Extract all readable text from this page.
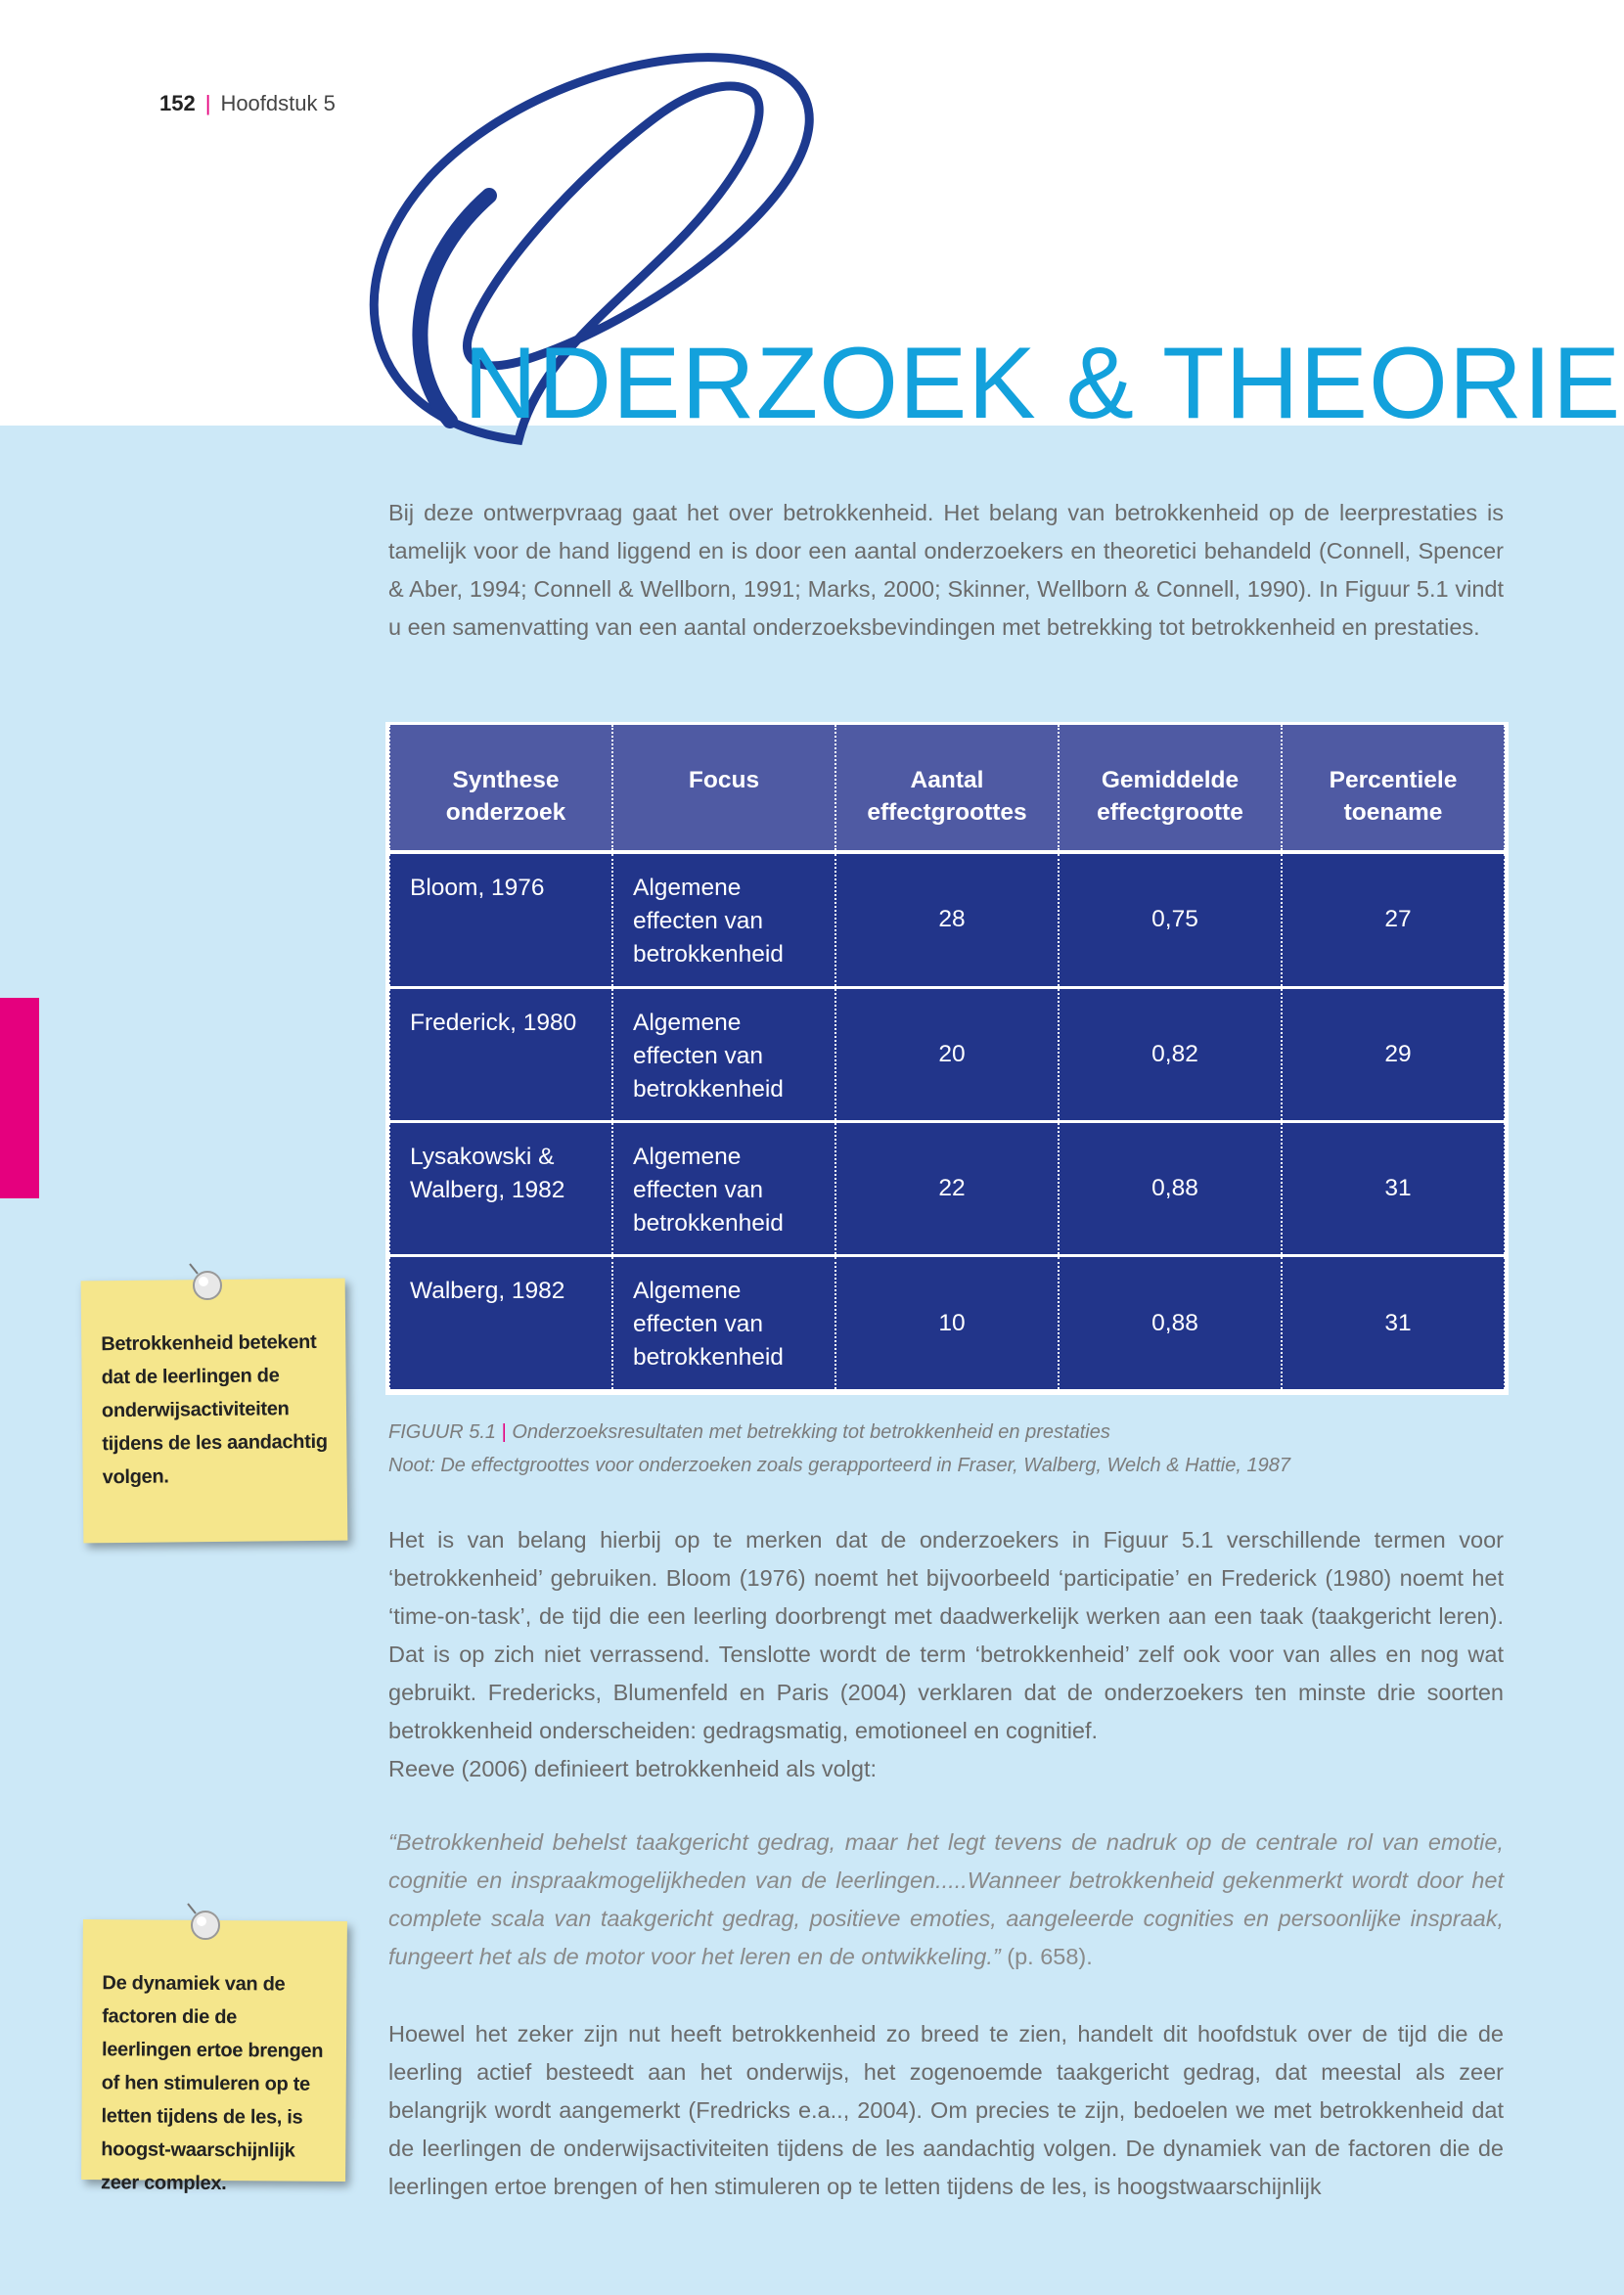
152 | Hoofdstuk 5
NDERZOEK & THEORIE
Bij deze ontwerpvraag gaat het over betrokkenheid. Het belang van betrokkenheid op de leerprestaties is tamelijk voor de hand liggend en is door een aantal onderzoekers en theoretici behandeld (Connell, Spencer & Aber, 1994; Connell & Wellborn, 1991; Marks, 2000; Skinner, Wellborn & Connell, 1990). In Figuur 5.1 vindt u een samenvatting van een aantal onderzoeksbevindingen met betrekking tot betrokkenheid en prestaties.
Synthese onderzoek	Focus	Aantal effectgroottes	Gemiddelde effectgrootte	Percentiele toename
Bloom, 1976	Algemene effecten van betrokkenheid	28	0,75	27
Frederick, 1980	Algemene effecten van betrokkenheid	20	0,82	29
Lysakowski & Walberg, 1982	Algemene effecten van betrokkenheid	22	0,88	31
Walberg, 1982	Algemene effecten van betrokkenheid	10	0,88	31
FIGUUR 5.1 | Onderzoeksresultaten met betrekking tot betrokkenheid en prestaties
Noot: De effectgroottes voor onderzoeken zoals gerapporteerd in Fraser, Walberg, Welch & Hattie, 1987
Het is van belang hierbij op te merken dat de onderzoekers in Figuur 5.1 verschillende termen voor ‘betrokkenheid’ gebruiken. Bloom (1976) noemt het bijvoorbeeld ‘participatie’ en Frederick (1980) noemt het ‘time-on-task’, de tijd die een leerling doorbrengt met daadwerkelijk werken aan een taak (taakgericht leren). Dat is op zich niet verrassend. Tenslotte wordt de term ‘betrokkenheid’ zelf ook voor van alles en nog wat gebruikt. Fredericks, Blumenfeld en Paris (2004) verklaren dat de onderzoekers ten minste drie soorten betrokkenheid onderscheiden: gedragsmatig, emotioneel en cognitief.
Reeve (2006) definieert betrokkenheid als volgt:
“Betrokkenheid behelst taakgericht gedrag, maar het legt tevens de nadruk op de centrale rol van emotie, cognitie en inspraakmogelijkheden van de leerlingen.....Wanneer betrokkenheid gekenmerkt wordt door het complete scala van taakgericht gedrag, positieve emoties, aangeleerde cognities en persoonlijke inspraak, fungeert het als de motor voor het leren en de ontwikkeling.” (p. 658).
Hoewel het zeker zijn nut heeft betrokkenheid zo breed te zien, handelt dit hoofdstuk over de tijd die de leerling actief besteedt aan het onderwijs, het zogenoemde taakgericht gedrag, dat meestal als zeer belangrijk wordt aangemerkt (Fredricks e.a.., 2004). Om precies te zijn, bedoelen we met betrokkenheid dat de leerlingen de onderwijsactiviteiten tijdens de les aandachtig volgen. De dynamiek van de factoren die de leerlingen ertoe brengen of hen stimuleren op te letten tijdens de les, is hoogstwaarschijnlijk
Betrokkenheid betekent dat de leerlingen de onderwijsactiviteiten tijdens de les aandachtig volgen.
De dynamiek van de factoren die de leerlingen ertoe brengen of hen stimuleren op te letten tijdens de les, is hoogst-waarschijnlijk zeer complex.
